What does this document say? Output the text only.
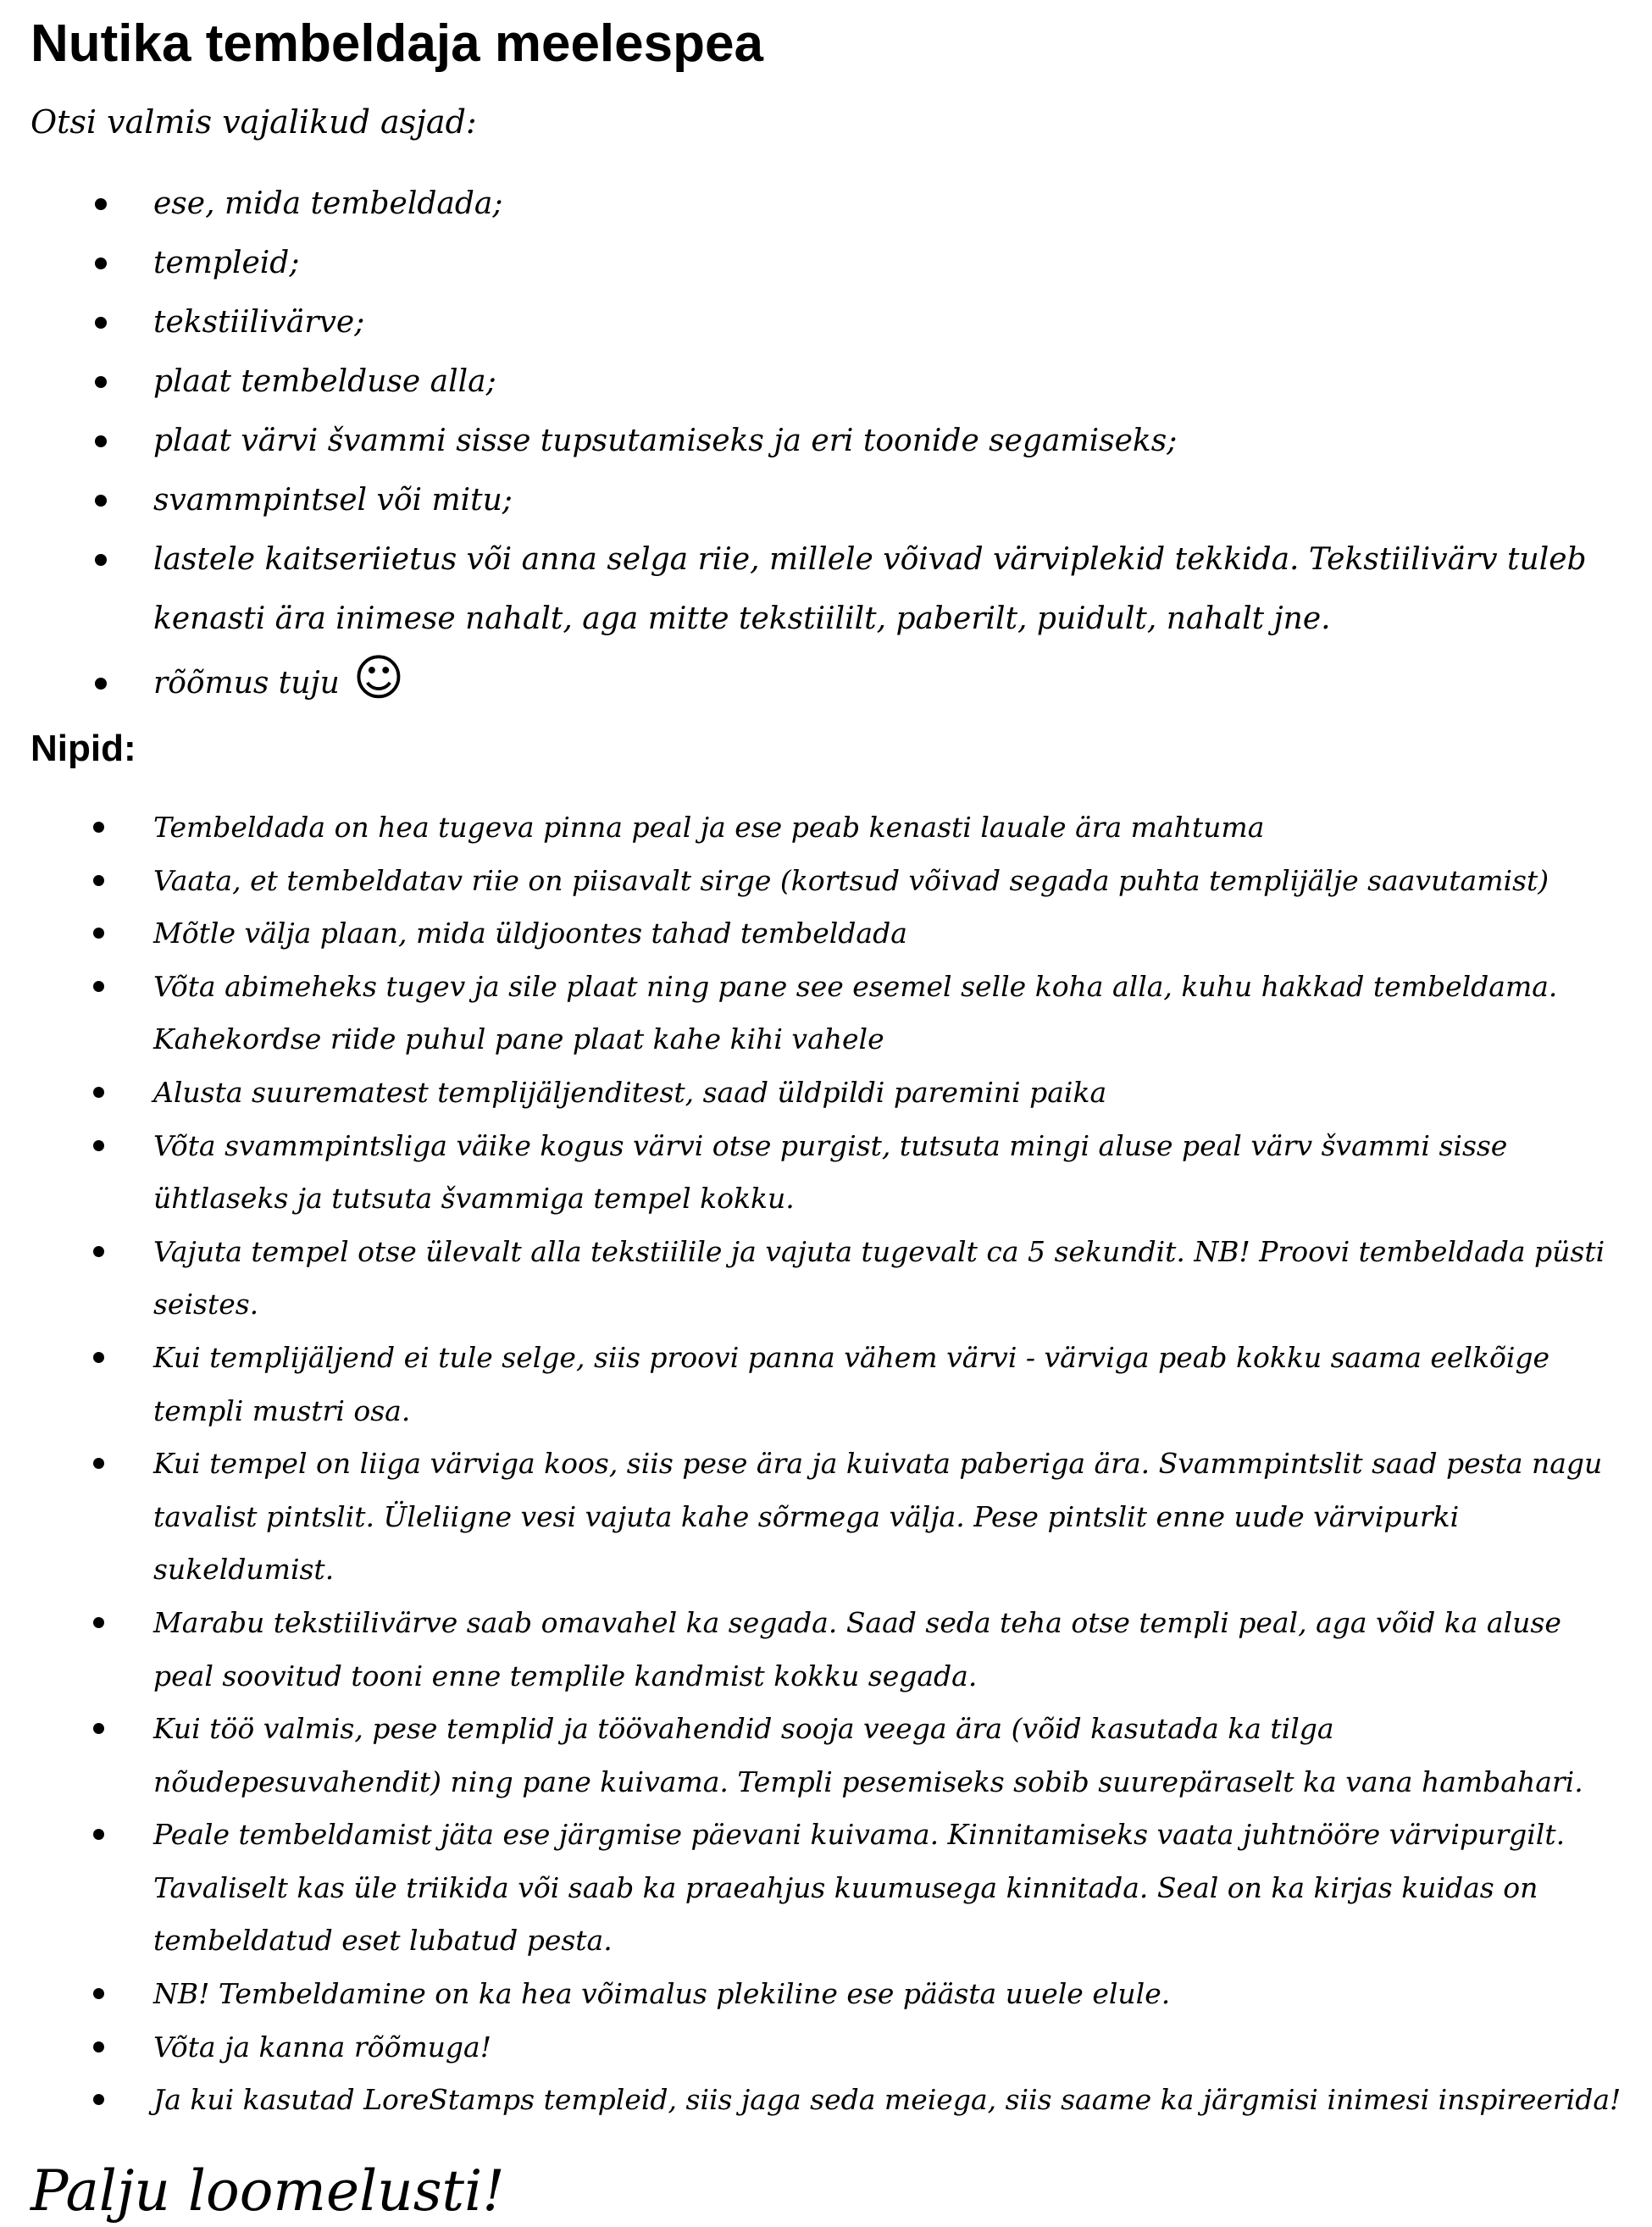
Nutika tembeldaja meelespea

Otsi valmis vajalikud asjad:

ese, mida tembeldada;
templeid;
tekstiilivärve;
plaat tembelduse alla;
plaat värvi švammi sisse tupsutamiseks ja eri toonide segamiseks;
svammpintsel või mitu;
lastele kaitseriietus või anna selga riie, millele võivad värviplekid tekkida. Tekstiilivärv tuleb kenasti ära inimese nahalt, aga mitte tekstiililt, paberilt, puidult, nahalt jne.
rõõmus tuju ☺
Nipid:
Tembeldada on hea tugeva pinna peal ja ese peab kenasti lauale ära mahtuma
Vaata, et tembeldatav riie on piisavalt sirge (kortsud võivad segada puhta templijälje saavutamist)
Mõtle välja plaan, mida üldjoontes tahad tembeldada
Võta abimeheks tugev ja sile plaat ning pane see esemel selle koha alla, kuhu hakkad tembeldama. Kahekordse riide puhul pane plaat kahe kihi vahele
Alusta suurematest templijäljenditest, saad üldpildi paremini paika
Võta svammpintsliga väike kogus värvi otse purgist, tutsuta mingi aluse peal värv švammi sisse ühtlaseks ja tutsuta švammiga tempel kokku.
Vajuta tempel otse ülevalt alla tekstiilile ja vajuta tugevalt ca 5 sekundit. NB! Proovi tembeldada püsti seistes.
Kui templijäljend ei tule selge, siis proovi panna vähem värvi - värviga peab kokku saama eelkõige templi mustri osa.
Kui tempel on liiga värviga koos, siis pese ära ja kuivata paberiga ära. Svammpintslit saad pesta nagu tavalist pintslit. Üleliigne vesi vajuta kahe sõrmega välja. Pese pintslit enne uude värvipurki sukeldumist.
Marabu tekstiilivärve saab omavahel ka segada. Saad seda teha otse templi peal, aga võid ka aluse peal soovitud tooni enne templile kandmist kokku segada.
Kui töö valmis, pese templid ja töövahendid sooja veega ära (võid kasutada ka tilga nõudepesuvahendit) ning pane kuivama. Templi pesemiseks sobib suurepäraselt ka vana hambahari.
Peale tembeldamist jäta ese järgmise päevani kuivama. Kinnitamiseks vaata juhtnööre värvipurgilt. Tavaliselt kas üle triikida või saab ka praeahjus kuumusega kinnitada. Seal on ka kirjas kuidas on tembeldatud eset lubatud pesta.
NB! Tembeldamine on ka hea võimalus plekiline ese päästa uuele elule.
Võta ja kanna rõõmuga!
Ja kui kasutad LoreStamps templeid, siis jaga seda meiega, siis saame ka järgmisi inimesi inspireerida!
Palju loomelusti!
